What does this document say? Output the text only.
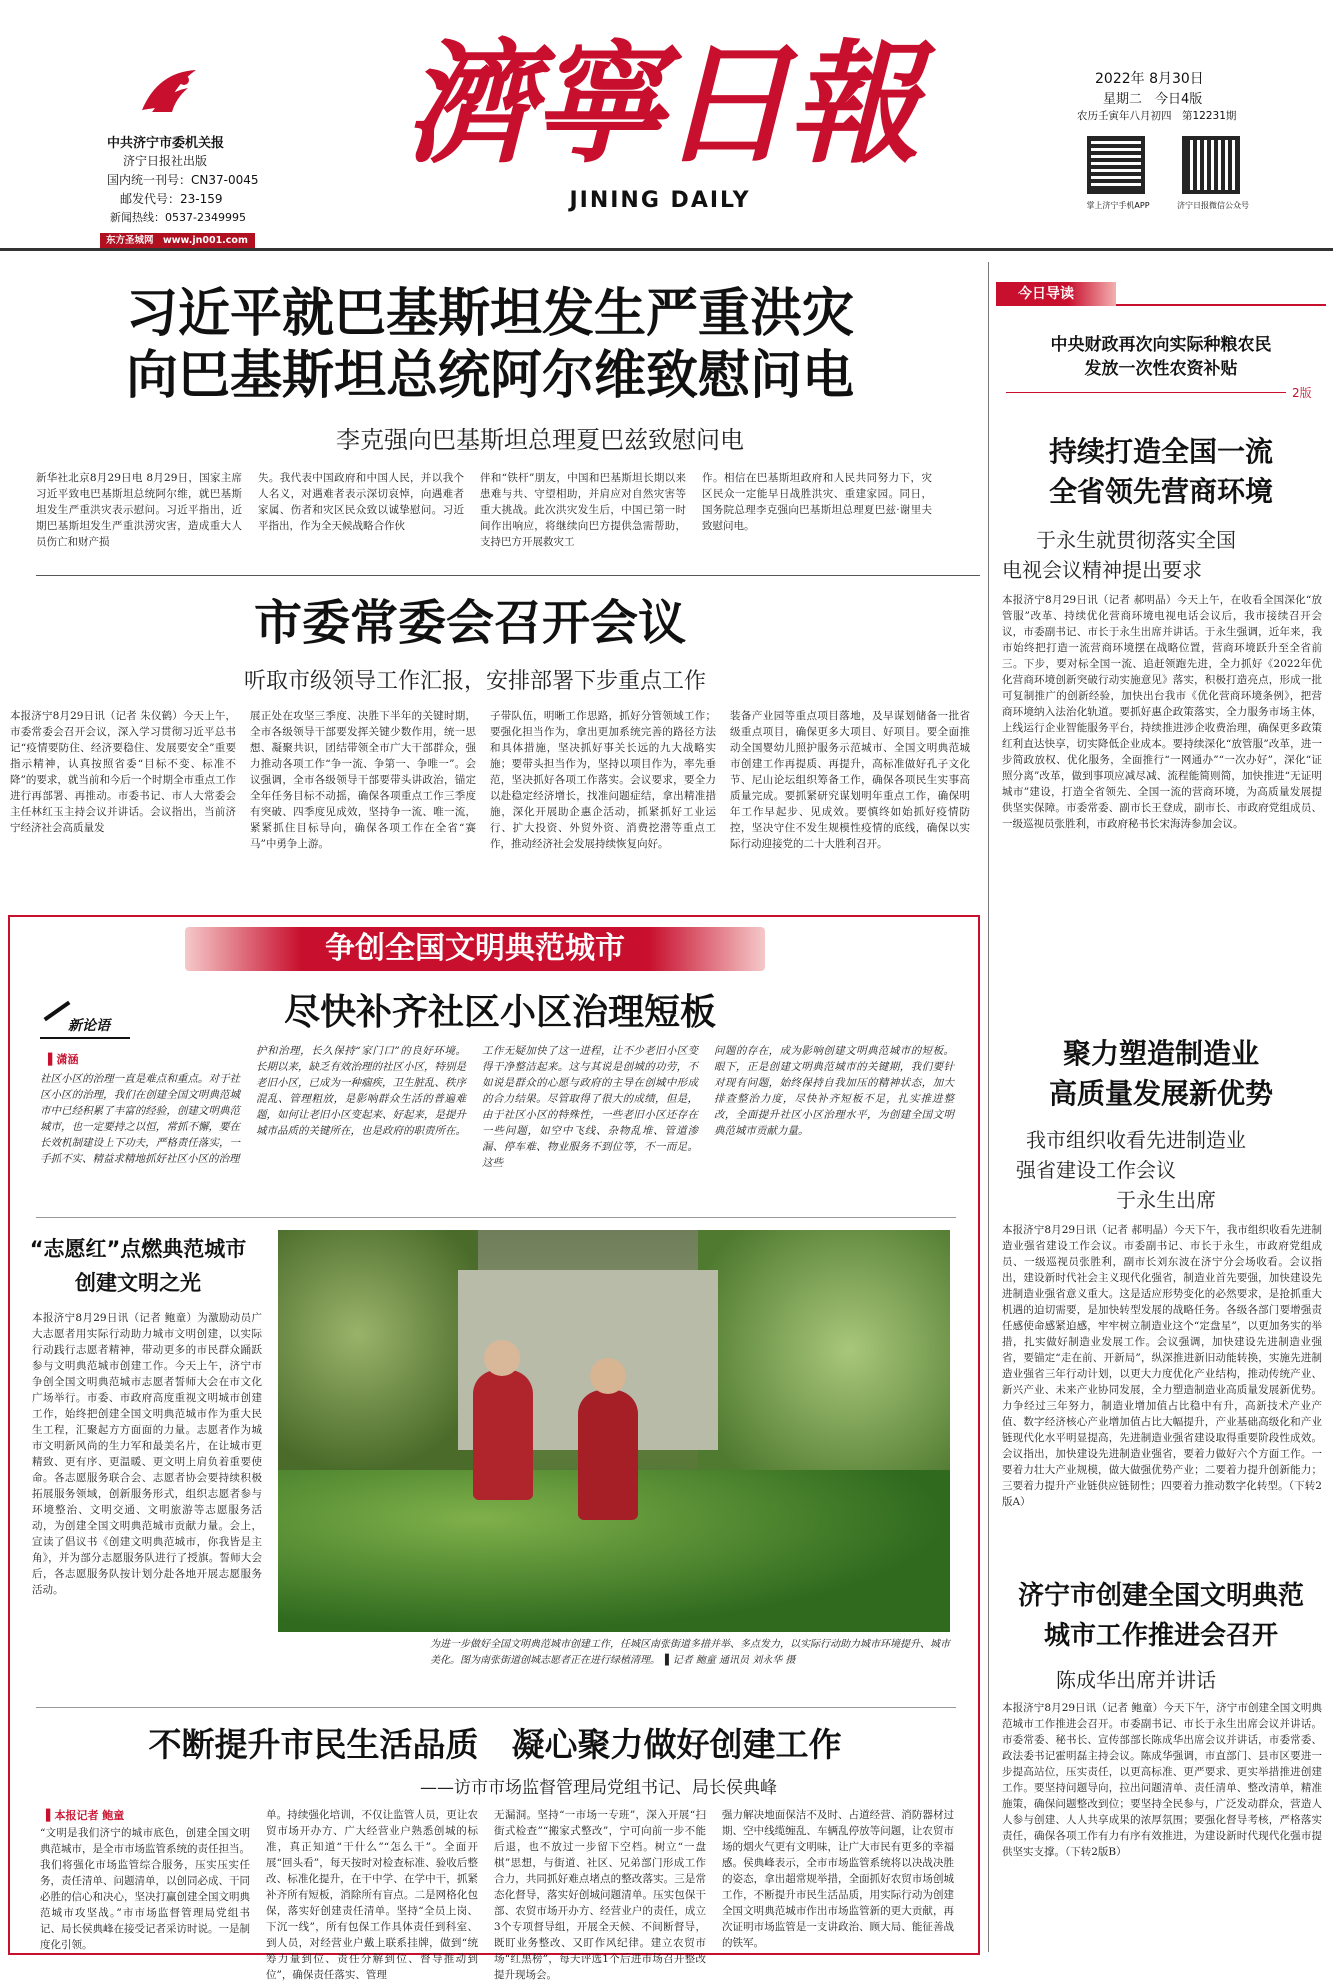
中共济宁市委机关报
济宁日报社出版
国内统一刊号：CN37-0045
邮发代号：23-159
新闻热线：0537-2349995
东方圣城网　www.jn001.com
濟寧日報
JINING DAILY
2022年 8月30日
星期二　今日4版
农历壬寅年八月初四　第12231期
掌上济宁手机APP	济宁日报微信公众号
习近平就巴基斯坦发生严重洪灾
向巴基斯坦总统阿尔维致慰问电
李克强向巴基斯坦总理夏巴兹致慰问电
新华社北京8月29日电 8月29日，国家主席习近平致电巴基斯坦总统阿尔维，就巴基斯坦发生严重洪灾表示慰问。习近平指出，近期巴基斯坦发生严重洪涝灾害，造成重大人员伤亡和财产损
失。我代表中国政府和中国人民，并以我个人名义，对遇难者表示深切哀悼，向遇难者家属、伤者和灾区民众致以诚挚慰问。习近平指出，作为全天候战略合作伙
伴和“铁杆”朋友，中国和巴基斯坦长期以来患难与共、守望相助，并肩应对自然灾害等重大挑战。此次洪灾发生后，中国已第一时间作出响应，将继续向巴方提供急需帮助，支持巴方开展救灾工
作。相信在巴基斯坦政府和人民共同努力下，灾区民众一定能早日战胜洪灾、重建家园。同日，国务院总理李克强向巴基斯坦总理夏巴兹·谢里夫致慰问电。
市委常委会召开会议
听取市级领导工作汇报，安排部署下步重点工作
本报济宁8月29日讯（记者 朱仪鹤）今天上午，市委常委会召开会议，深入学习贯彻习近平总书记“疫情要防住、经济要稳住、发展要安全”重要指示精神，认真按照省委“目标不变、标准不降”的要求，就当前和今后一个时期全市重点工作进行再部署、再推动。市委书记、市人大常委会主任林红玉主持会议并讲话。会议指出，当前济宁经济社会高质量发
展正处在攻坚三季度、决胜下半年的关键时期，全市各级领导干部要发挥关键少数作用，统一思想、凝聚共识，团结带领全市广大干部群众，强力推动各项工作“争一流、争第一、争唯一”。会议强调，全市各级领导干部要带头讲政治，锚定全年任务目标不动摇，确保各项重点工作三季度有突破、四季度见成效，坚持争一流、唯一流，紧紧抓住目标导向，确保各项工作在全省“赛马”中勇争上游。
子带队伍，明晰工作思路，抓好分管领域工作；要强化担当作为，拿出更加系统完善的路径方法和具体措施，坚决抓好事关长远的九大战略实施；要带头担当作为，坚持以项目作为，率先垂范，坚决抓好各项工作落实。会议要求，要全力以赴稳定经济增长，找准问题症结，拿出精准措施，深化开展助企惠企活动，抓紧抓好工业运行、扩大投资、外贸外资、消费挖潜等重点工作，推动经济社会发展持续恢复向好。
装备产业园等重点项目落地，及早谋划储备一批省级重点项目，确保更多大项目、好项目。要全面推动全国婴幼儿照护服务示范城市、全国文明典范城市创建工作再提质、再提升，高标准做好孔子文化节、尼山论坛组织筹备工作，确保各项民生实事高质量完成。要抓紧研究谋划明年重点工作，确保明年工作早起步、见成效。要慎终如始抓好疫情防控，坚决守住不发生规模性疫情的底线，确保以实际行动迎接党的二十大胜利召开。
争创全国文明典范城市
新论语	尽快补齐社区小区治理短板
▌潇涵
社区小区的治理一直是难点和重点。对于社区小区的治理，我们在创建全国文明典范城市中已经积累了丰富的经验，创建文明典范城市，也一定要持之以恒，常抓不懈，要在长效机制建设上下功夫，严格责任落实，一手抓不实、精益求精地抓好社区小区的治理
护和治理，长久保持“家门口”的良好环境。长期以来，缺乏有效治理的社区小区，特别是老旧小区，已成为一种痼疾，卫生脏乱、秩序混乱、管理粗放，是影响群众生活的普遍难题，如何让老旧小区变起来、好起来，是提升城市品质的关键所在，也是政府的职责所在。
工作无疑加快了这一进程，让不少老旧小区变得干净整洁起来。这与其说是创城的功劳，不如说是群众的心愿与政府的主导在创城中形成的合力结果。尽管取得了很大的成绩，但是，由于社区小区的特殊性，一些老旧小区还存在一些问题，如空中飞线、杂物乱堆、管道渗漏、停车难、物业服务不到位等，不一而足。这些
问题的存在，成为影响创建文明典范城市的短板。眼下，正是创建文明典范城市的关键期，我们要针对现有问题，始终保持自我加压的精神状态，加大排查整治力度，尽快补齐短板不足，扎实推进整改，全面提升社区小区治理水平，为创建全国文明典范城市贡献力量。
“志愿红”点燃典范城市
创建文明之光
本报济宁8月29日讯（记者 鲍童）为激励动员广大志愿者用实际行动助力城市文明创建，以实际行动践行志愿者精神，带动更多的市民群众踊跃参与文明典范城市创建工作。今天上午，济宁市争创全国文明典范城市志愿者誓师大会在市文化广场举行。市委、市政府高度重视文明城市创建工作，始终把创建全国文明典范城市作为重大民生工程，汇聚起方方面面的力量。志愿者作为城市文明新风尚的生力军和最美名片，在让城市更精致、更有序、更温暖、更文明上肩负着重要使命。各志愿服务联合会、志愿者协会要持续积极拓展服务领域，创新服务形式，组织志愿者参与环境整治、文明交通、文明旅游等志愿服务活动，为创建全国文明典范城市贡献力量。会上，宣读了倡议书《创建文明典范城市，你我皆是主角》，并为部分志愿服务队进行了授旗。誓师大会后，各志愿服务队按计划分赴各地开展志愿服务活动。
为进一步做好全国文明典范城市创建工作，任城区南张街道多措并举、多点发力，以实际行动助力城市环境提升、城市美化。图为南张街道创城志愿者正在进行绿植清理。　▌记者 鲍童 通讯员 刘永华 摄
不断提升市民生活品质　凝心聚力做好创建工作
——访市市场监督管理局党组书记、局长侯典峰
▌本报记者 鲍童
“文明是我们济宁的城市底色，创建全国文明典范城市，是全市市场监管系统的责任担当。我们将强化市场监管综合服务，压实压实任务，责任清单、问题清单，以创同必成、干同必胜的信心和决心，坚决打赢创建全国文明典范城市攻坚战。”市市场监督管理局党组书记、局长侯典峰在接受记者采访时说。一是制度化引领。
单。持续强化培训，不仅让监管人员，更让农贸市场开办方、广大经营业户熟悉创城的标准，真正知道“干什么”“怎么干”。全面开展“回头看”，每天按时对检查标准、验收后整改、标准化提升，在干中学、在学中干，抓紧补齐所有短板，消除所有盲点。二是网格化包保，落实好创建责任清单。坚持“全员上岗、下沉一线”，所有包保工作具体责任到科室、到人员，对经营业户戴上联系挂牌，做到“统筹力量到位、责任分解到位、督导推动到位”，确保责任落实、管理
无漏洞。坚持“一市场一专班”，深入开展“扫街式检查”“搬家式整改”，宁可向前一步不能后退，也不放过一步留下空档。树立“一盘棋”思想，与街道、社区、兄弟部门形成工作合力，共同抓好难点堵点的整改落实。三是常态化督导，落实好创城问题清单。压实包保干部、农贸市场开办方、经营业户的责任，成立3个专项督导组，开展全天候、不间断督导，既盯业务整改、又盯作风纪律。建立农贸市场“红黑榜”，每天评选1个后进市场召开整改提升现场会。
强力解决地面保洁不及时、占道经营、消防器材过期、空中线缆缠乱、车辆乱停放等问题，让农贸市场的烟火气更有文明味，让广大市民有更多的幸福感。侯典峰表示，全市市场监管系统将以决战决胜的姿态，拿出超常规举措，全面抓好农贸市场创城工作，不断提升市民生活品质，用实际行动为创建全国文明典范城市作出市场监管新的更大贡献，再次证明市场监管是一支讲政治、顾大局、能征善战的铁军。
今日导读
中央财政再次向实际种粮农民
发放一次性农资补贴
2版
持续打造全国一流
全省领先营商环境
于永生就贯彻落实全国
电视会议精神提出要求
本报济宁8月29日讯（记者 郝明晶）今天上午，在收看全国深化“放管服”改革、持续优化营商环境电视电话会议后，我市接续召开会议，市委副书记、市长于永生出席并讲话。于永生强调，近年来，我市始终把打造一流营商环境摆在战略位置，营商环境跃升至全省前三。下步，要对标全国一流、追赶领跑先进，全力抓好《2022年优化营商环境创新突破行动实施意见》落实，积极打造亮点，形成一批可复制推广的创新经验，加快出台我市《优化营商环境条例》，把营商环境纳入法治化轨道。要抓好惠企政策落实，全力服务市场主体，上线运行企业智能服务平台，持续推进涉企收费治理，确保更多政策红利直达快享，切实降低企业成本。要持续深化“放管服”改革，进一步简政放权、优化服务，全面推行“一网通办”“一次办好”，深化“证照分离”改革，做到事项应减尽减、流程能简则简，加快推进“无证明城市”建设，打造全省领先、全国一流的营商环境，为高质量发展提供坚实保障。市委常委、副市长王登成，副市长、市政府党组成员、一级巡视员张胜利，市政府秘书长宋海涛参加会议。
聚力塑造制造业
高质量发展新优势
我市组织收看先进制造业
强省建设工作会议
于永生出席
本报济宁8月29日讯（记者 郝明晶）今天下午，我市组织收看先进制造业强省建设工作会议。市委副书记、市长于永生，市政府党组成员、一级巡视员张胜利，副市长刘东波在济宁分会场收看。会议指出，建设新时代社会主义现代化强省，制造业首先要强，加快建设先进制造业强省意义重大。这是适应形势变化的必然要求，是抢抓重大机遇的迫切需要，是加快转型发展的战略任务。各级各部门要增强责任感使命感紧迫感，牢牢树立制造业这个“定盘星”，以更加务实的举措，扎实做好制造业发展工作。会议强调，加快建设先进制造业强省，要锚定“走在前、开新局”，纵深推进新旧动能转换，实施先进制造业强省三年行动计划，以更大力度优化产业结构，推动传统产业、新兴产业、未来产业协同发展，全力塑造制造业高质量发展新优势。力争经过三年努力，制造业增加值占比稳中有升，高新技术产业产值、数字经济核心产业增加值占比大幅提升，产业基础高级化和产业链现代化水平明显提高，先进制造业强省建设取得重要阶段性成效。会议指出，加快建设先进制造业强省，要着力做好六个方面工作。一要着力壮大产业规模，做大做强优势产业；二要着力提升创新能力；三要着力提升产业链供应链韧性；四要着力推动数字化转型。（下转2版A）
济宁市创建全国文明典范
城市工作推进会召开
陈成华出席并讲话
本报济宁8月29日讯（记者 鲍童）今天下午，济宁市创建全国文明典范城市工作推进会召开。市委副书记、市长于永生出席会议并讲话。市委常委、秘书长、宣传部部长陈成华出席会议并讲话，市委常委、政法委书记霍明磊主持会议。陈成华强调，市直部门、县市区要进一步提高站位，压实责任，以更高标准、更严要求、更实举措推进创建工作。要坚持问题导向，拉出问题清单、责任清单、整改清单，精准施策，确保问题整改到位；要坚持全民参与，广泛发动群众，营造人人参与创建、人人共享成果的浓厚氛围；要强化督导考核，严格落实责任，确保各项工作有力有序有效推进，为建设新时代现代化强市提供坚实支撑。（下转2版B）
